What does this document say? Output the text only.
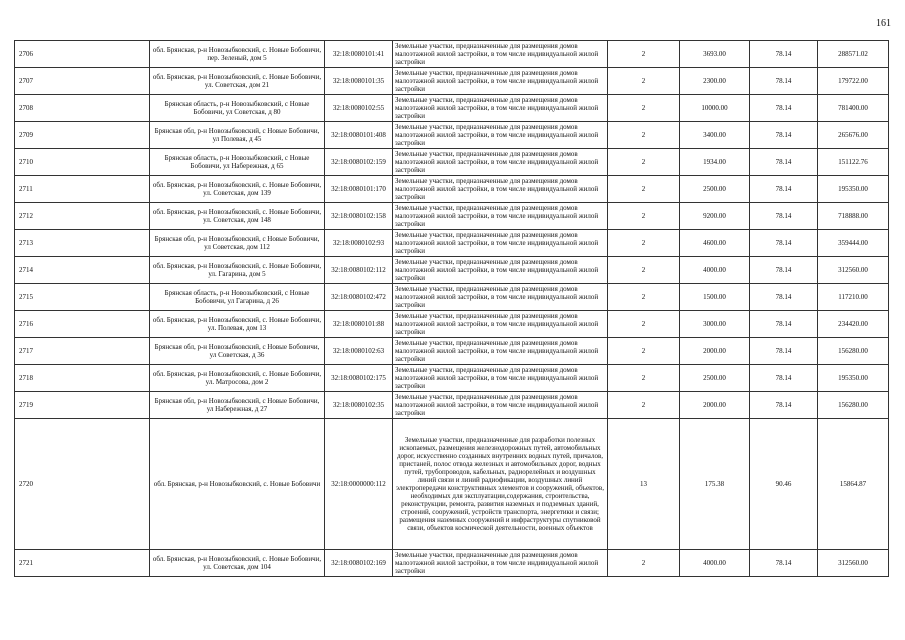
161
2706	обл. Брянская, р-н Новозыбковский, с. Новые Бобовичи, пер. Зеленый, дом 5	32:18:0080101:41	Земельные участки, предназначенные для размещения домов малоэтажной жилой застройки, в том числе индивидуальной жилой застройки	2	3693.00	78.14	288571.02
2707	обл. Брянская, р-н Новозыбковский, с. Новые Бобовичи, ул. Советская, дом 21	32:18:0080101:35	Земельные участки, предназначенные для размещения домов малоэтажной жилой застройки, в том числе индивидуальной жилой застройки	2	2300.00	78.14	179722.00
2708	Брянская область, р-н Новозыбковский, с Новые Бобовичи, ул Советская, д 80	32:18:0080102:55	Земельные участки, предназначенные для размещения домов малоэтажной жилой застройки, в том числе индивидуальной жилой застройки	2	10000.00	78.14	781400.00
2709	Брянская обл, р-н Новозыбковский, с Новые Бобовичи, ул Полевая, д 45	32:18:0080101:408	Земельные участки, предназначенные для размещения домов малоэтажной жилой застройки, в том числе индивидуальной жилой застройки	2	3400.00	78.14	265676.00
2710	Брянская область, р-н Новозыбковский, с Новые Бобовичи, ул Набережная, д 65	32:18:0080102:159	Земельные участки, предназначенные для размещения домов малоэтажной жилой застройки, в том числе индивидуальной жилой застройки	2	1934.00	78.14	151122.76
2711	обл. Брянская, р-н Новозыбковский, с. Новые Бобовичи, ул. Советская, дом 139	32:18:0080101:170	Земельные участки, предназначенные для размещения домов малоэтажной жилой застройки, в том числе индивидуальной жилой застройки	2	2500.00	78.14	195350.00
2712	обл. Брянская, р-н Новозыбковский, с. Новые Бобовичи, ул. Советская, дом 148	32:18:0080102:158	Земельные участки, предназначенные для размещения домов малоэтажной жилой застройки, в том числе индивидуальной жилой застройки	2	9200.00	78.14	718888.00
2713	Брянская обл, р-н Новозыбковский, с Новые Бобовичи, ул Советская, дом 112	32:18:0080102:93	Земельные участки, предназначенные для размещения домов малоэтажной жилой застройки, в том числе индивидуальной жилой застройки	2	4600.00	78.14	359444.00
2714	обл. Брянская, р-н Новозыбковский, с. Новые Бобовичи, ул. Гагарина, дом 5	32:18:0080102:112	Земельные участки, предназначенные для размещения домов малоэтажной жилой застройки, в том числе индивидуальной жилой застройки	2	4000.00	78.14	312560.00
2715	Брянская область, р-н Новозыбковский, с Новые Бобовичи, ул Гагарина, д 26	32:18:0080102:472	Земельные участки, предназначенные для размещения домов малоэтажной жилой застройки, в том числе индивидуальной жилой застройки	2	1500.00	78.14	117210.00
2716	обл. Брянская, р-н Новозыбковский, с. Новые Бобовичи, ул. Полевая, дом 13	32:18:0080101:88	Земельные участки, предназначенные для размещения домов малоэтажной жилой застройки, в том числе индивидуальной жилой застройки	2	3000.00	78.14	234420.00
2717	Брянская обл, р-н Новозыбковский, с Новые Бобовичи, ул Советская, д 36	32:18:0080102:63	Земельные участки, предназначенные для размещения домов малоэтажной жилой застройки, в том числе индивидуальной жилой застройки	2	2000.00	78.14	156280.00
2718	обл. Брянская, р-н Новозыбковский, с. Новые Бобовичи, ул. Матросова, дом 2	32:18:0080102:175	Земельные участки, предназначенные для размещения домов малоэтажной жилой застройки, в том числе индивидуальной жилой застройки	2	2500.00	78.14	195350.00
2719	Брянская обл, р-н Новозыбковский, с Новые Бобовичи, ул Набережная, д 27	32:18:0080102:35	Земельные участки, предназначенные для размещения домов малоэтажной жилой застройки, в том числе индивидуальной жилой застройки	2	2000.00	78.14	156280.00
2720	обл. Брянская, р-н Новозыбковский, с. Новые Бобовичи	32:18:0000000:112	Земельные участки, предназначенные для разработки полезных ископаемых, размещения железнодорожных путей, автомобильных дорог, искусственно созданных внутренних водных путей, причалов, пристаней, полос отвода железных и автомобильных дорог, водных путей, трубопроводов, кабельных, радиорелейных и воздушных линий связи и линий радиофикации, воздушных линий электропередачи конструктивных элементов и сооружений, объектов, необходимых для эксплуатации,содержания, строительства, реконструкции, ремонта, развития наземных и подземных зданий, строений, сооружений, устройств транспорта, энергетики и связи; размещения наземных сооружений и инфраструктуры спутниковой связи, объектов космической деятельности, военных объектов	13	175.38	90.46	15864.87
2721	обл. Брянская, р-н Новозыбковский, с. Новые Бобовичи, ул. Советская, дом 104	32:18:0080102:169	Земельные участки, предназначенные для размещения домов малоэтажной жилой застройки, в том числе индивидуальной жилой застройки	2	4000.00	78.14	312560.00
